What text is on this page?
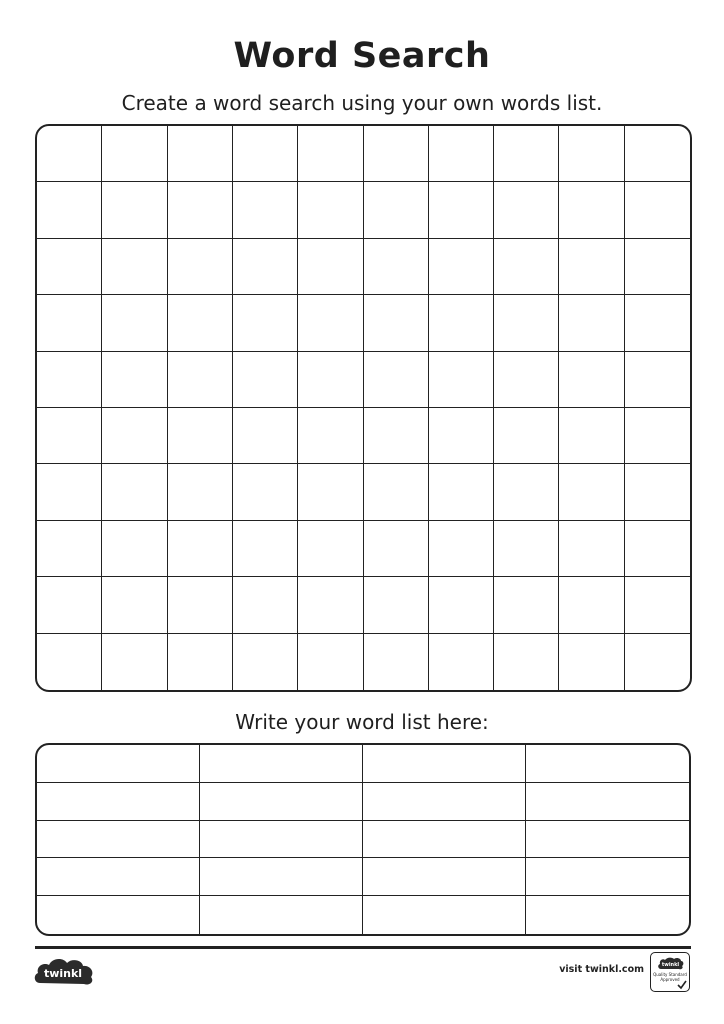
Word Search
Create a word search using your own words list.
Write your word list here:
twinkl	visit twinkl.com	twinkl
Quality Standard Approved
